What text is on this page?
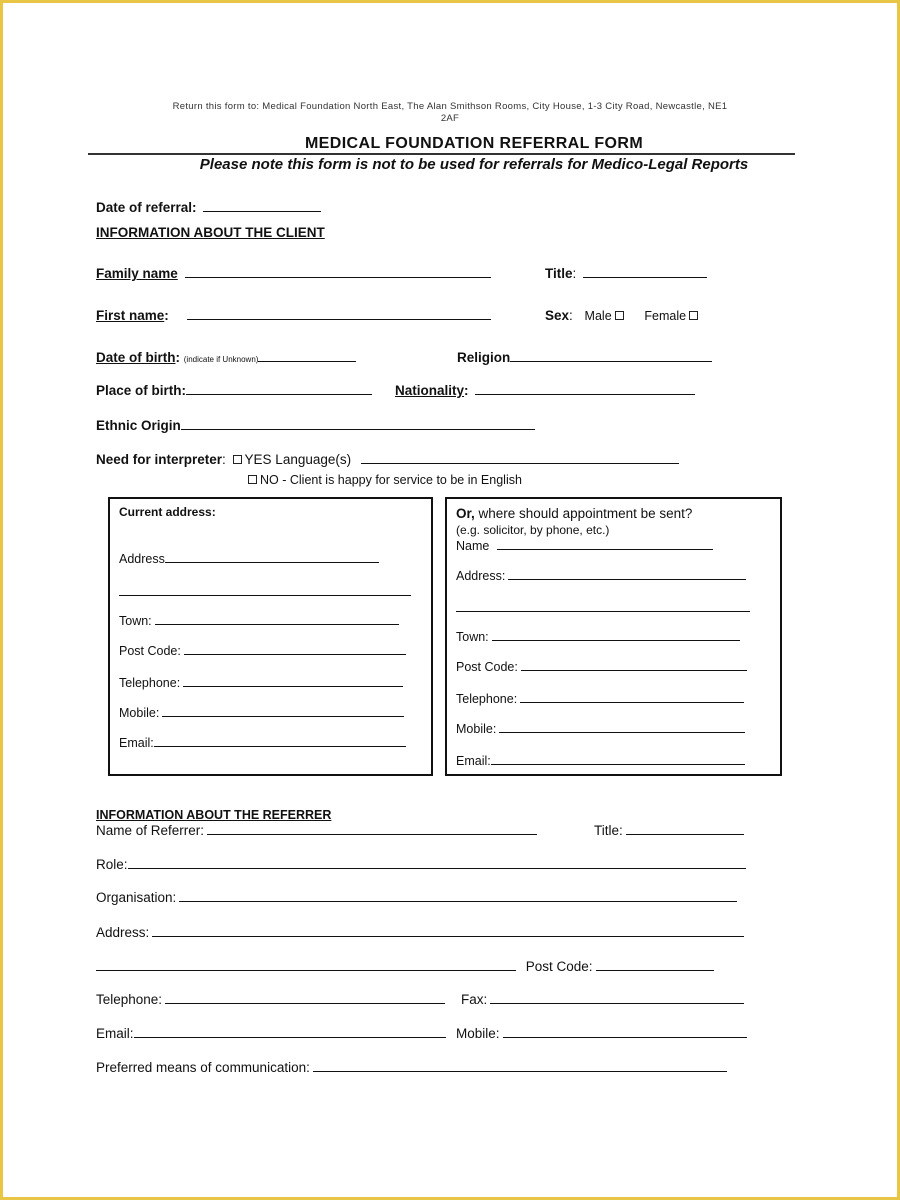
Return this form to: Medical Foundation North East, The Alan Smithson Rooms, City House, 1-3 City Road, Newcastle, NE1
2AF
MEDICAL FOUNDATION REFERRAL FORM
Please note this form is not to be used for referrals for Medico-Legal Reports
Date of referral:
INFORMATION ABOUT THE CLIENT
Family name	Title:
First name:	Sex: Male	Female
Date of birth: (indicate if Unknown)	Religion
Place of birth:	Nationality:
Ethnic Origin
Need for interpreter: YES Language(s)
NO - Client is happy for service to be in English
Current address:
Address
Town:
Post Code:
Telephone:
Mobile:
Email:
Or, where should appointment be sent?
(e.g. solicitor, by phone, etc.)
Name
Address:
Town:
Post Code:
Telephone:
Mobile:
Email:
INFORMATION ABOUT THE REFERRER
Name of Referrer:	Title:
Role:
Organisation:
Address:
Post Code:
Telephone:	Fax:
Email:	Mobile:
Preferred means of communication:
